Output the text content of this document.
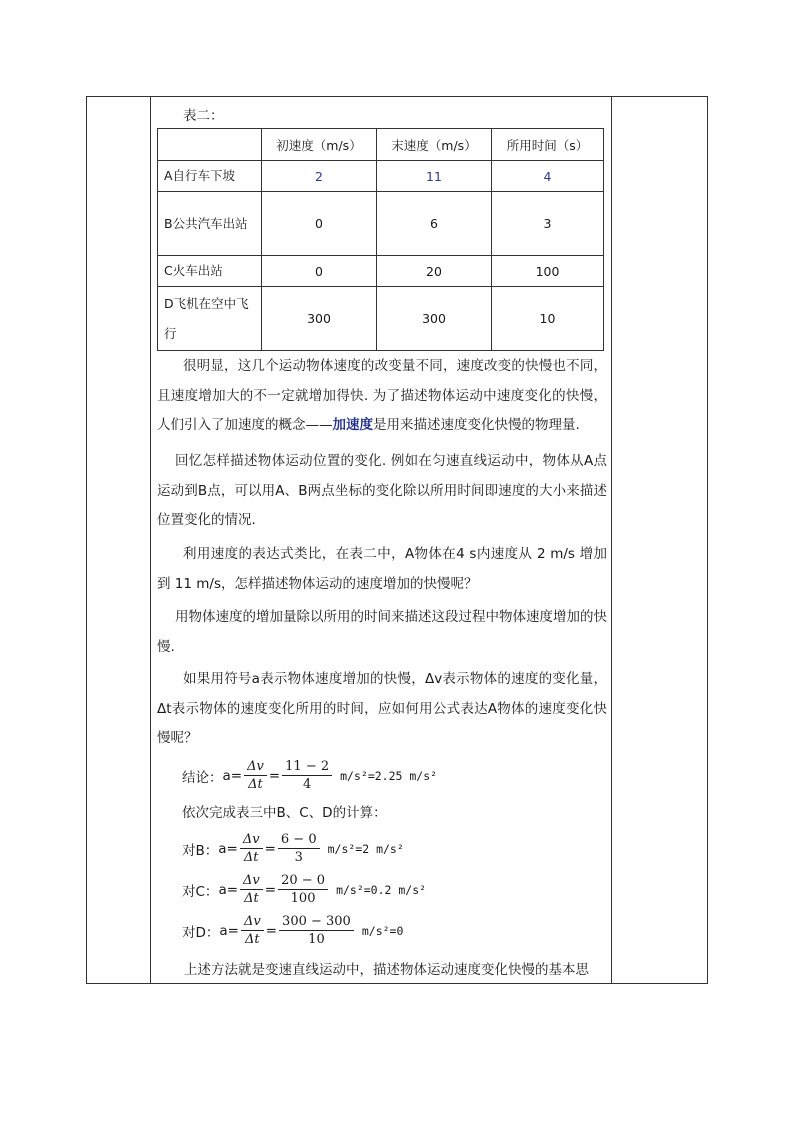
表二：
	初速度（m/s）	末速度（m/s）	所用时间（s）
A自行车下坡	2	11	4
B公共汽车出站	0	6	3
C火车出站	0	20	100
D飞机在空中飞行	300	300	10
很明显，这几个运动物体速度的改变量不同，速度改变的快慢也不同，且速度增加大的不一定就增加得快. 为了描述物体运动中速度变化的快慢，人们引入了加速度的概念——加速度是用来描述速度变化快慢的物理量.
回忆怎样描述物体运动位置的变化. 例如在匀速直线运动中，物体从A点运动到B点，可以用A、B两点坐标的变化除以所用时间即速度的大小来描述位置变化的情况.
利用速度的表达式类比，在表二中，A物体在4 s内速度从 2 m/s 增加到 11 m/s，怎样描述物体运动的速度增加的快慢呢？
用物体速度的增加量除以所用的时间来描述这段过程中物体速度增加的快慢.
如果用符号a表示物体速度增加的快慢，Δv表示物体的速度的变化量，Δt表示物体的速度变化所用的时间，应如何用公式表达A物体的速度变化快慢呢？
结论： $a= \frac{\Delta v}{\Delta t} = \frac{11 - 2}{4} m/s^2=2.25$ m/s²
依次完成表三中B、C、D的计算：
对B： $a= \frac{\Delta v}{\Delta t} = \frac{6 - 0}{3} m/s^2=2$ m/s²
对C： $a= \frac{\Delta v}{\Delta t} = \frac{20 - 0}{100} m/s^2=0.2$ m/s²
对D： $a= \frac{\Delta v}{\Delta t} = \frac{300 - 300}{10} m/s^2=0$
上述方法就是变速直线运动中，描述物体运动速度变化快慢的基本思
